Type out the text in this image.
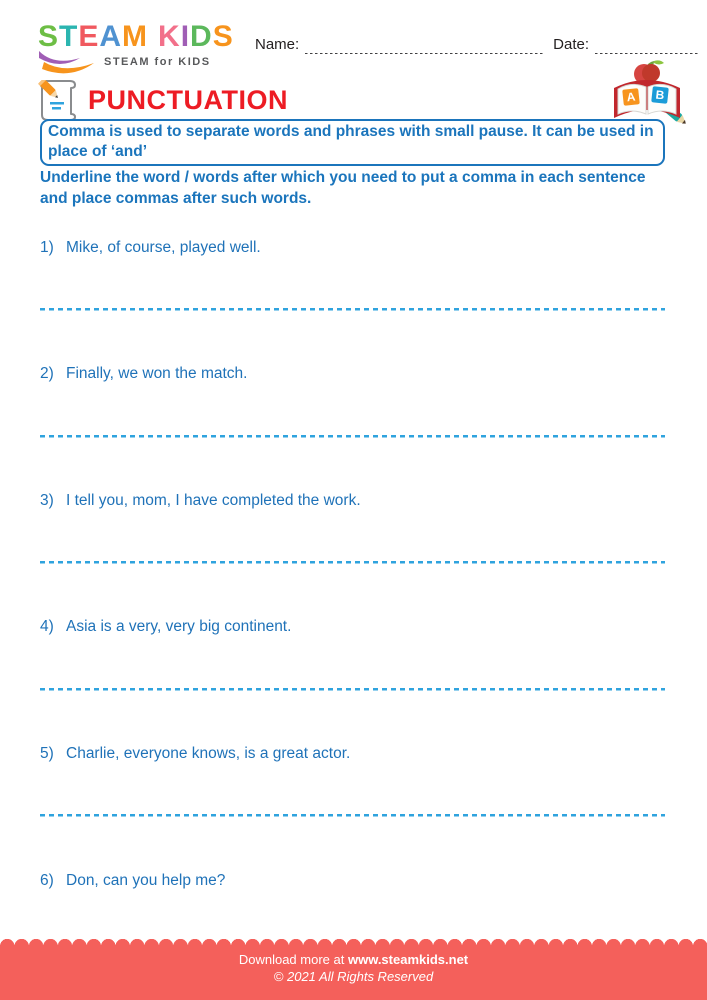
STEAM KIDS
STEAM for KIDS
Name:	Date:
A B
PUNCTUATION
Comma is used to separate words and phrases with small pause. It can be used in place of ‘and’
Underline the word / words after which you need to put a comma in each sentence and place commas after such words.
1) Mike, of course, played well.
2) Finally, we won the match.
3) I tell you, mom, I have completed the work.
4) Asia is a very, very big continent.
5) Charlie, everyone knows, is a great actor.
6) Don, can you help me?
Download more at www.steamkids.net
© 2021 All Rights Reserved
